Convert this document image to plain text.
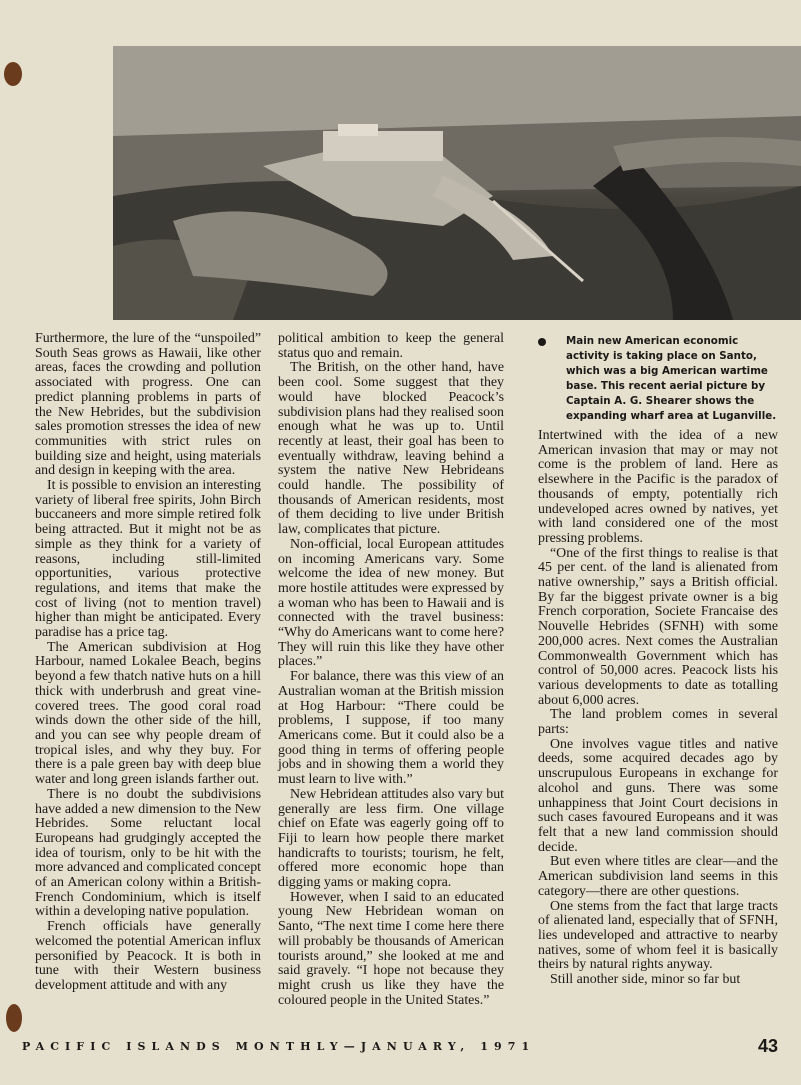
Furthermore, the lure of the “unspoiled” South Seas grows as Hawaii, like other areas, faces the crowding and pollution associated with progress. One can predict planning problems in parts of the New Hebrides, but the subdivision sales promotion stresses the idea of new communities with strict rules on building size and height, using materials and design in keeping with the area.

It is possible to envision an interesting variety of liberal free spirits, John Birch buccaneers and more simple retired folk being attracted. But it might not be as simple as they think for a variety of reasons, including still-limited opportunities, various protective regulations, and items that make the cost of living (not to mention travel) higher than might be anticipated. Every paradise has a price tag.

The American subdivision at Hog Harbour, named Lokalee Beach, begins beyond a few thatch native huts on a hill thick with underbrush and great vine-covered trees. The good coral road winds down the other side of the hill, and you can see why people dream of tropical isles, and why they buy. For there is a pale green bay with deep blue water and long green islands farther out.

There is no doubt the subdivisions have added a new dimension to the New Hebrides. Some reluctant local Europeans had grudgingly accepted the idea of tourism, only to be hit with the more advanced and complicated concept of an American colony within a British-French Condominium, which is itself within a developing native population.

French officials have generally welcomed the potential American influx personified by Peacock. It is both in tune with their Western business development attitude and with any

political ambition to keep the general status quo and remain.

The British, on the other hand, have been cool. Some suggest that they would have blocked Peacock’s subdivision plans had they realised soon enough what he was up to. Until recently at least, their goal has been to eventually withdraw, leaving behind a system the native New Hebrideans could handle. The possibility of thousands of American residents, most of them deciding to live under British law, complicates that picture.

Non-official, local European attitudes on incoming Americans vary. Some welcome the idea of new money. But more hostile attitudes were expressed by a woman who has been to Hawaii and is connected with the travel business: “Why do Americans want to come here? They will ruin this like they have other places.”

For balance, there was this view of an Australian woman at the British mission at Hog Harbour: “There could be problems, I suppose, if too many Americans come. But it could also be a good thing in terms of offering people jobs and in showing them a world they must learn to live with.”

New Hebridean attitudes also vary but generally are less firm. One village chief on Efate was eagerly going off to Fiji to learn how people there market handicrafts to tourists; tourism, he felt, offered more economic hope than digging yams or making copra.

However, when I said to an educated young New Hebridean woman on Santo, “The next time I come here there will probably be thousands of American tourists around,” she looked at me and said gravely. “I hope not because they might crush us like they have the coloured people in the United States.”

Main new American economic activity is taking place on Santo, which was a big American wartime base. This recent aerial picture by Captain A. G. Shearer shows the expanding wharf area at Luganville.

Intertwined with the idea of a new American invasion that may or may not come is the problem of land. Here as elsewhere in the Pacific is the paradox of thousands of empty, potentially rich undeveloped acres owned by natives, yet with land considered one of the most pressing problems.

“One of the first things to realise is that 45 per cent. of the land is alienated from native ownership,” says a British official. By far the biggest private owner is a big French corporation, Societe Francaise des Nouvelle Hebrides (SFNH) with some 200,000 acres. Next comes the Australian Commonwealth Government which has control of 50,000 acres. Peacock lists his various developments to date as totalling about 6,000 acres.

The land problem comes in several parts:

One involves vague titles and native deeds, some acquired decades ago by unscrupulous Europeans in exchange for alcohol and guns. There was some unhappiness that Joint Court decisions in such cases favoured Europeans and it was felt that a new land commission should decide.

But even where titles are clear—and the American subdivision land seems in this category—there are other questions.

One stems from the fact that large tracts of alienated land, especially that of SFNH, lies undeveloped and attractive to nearby natives, some of whom feel it is basically theirs by natural rights anyway.

Still another side, minor so far but

PACIFIC ISLANDS MONTHLY—JANUARY, 1971	43
